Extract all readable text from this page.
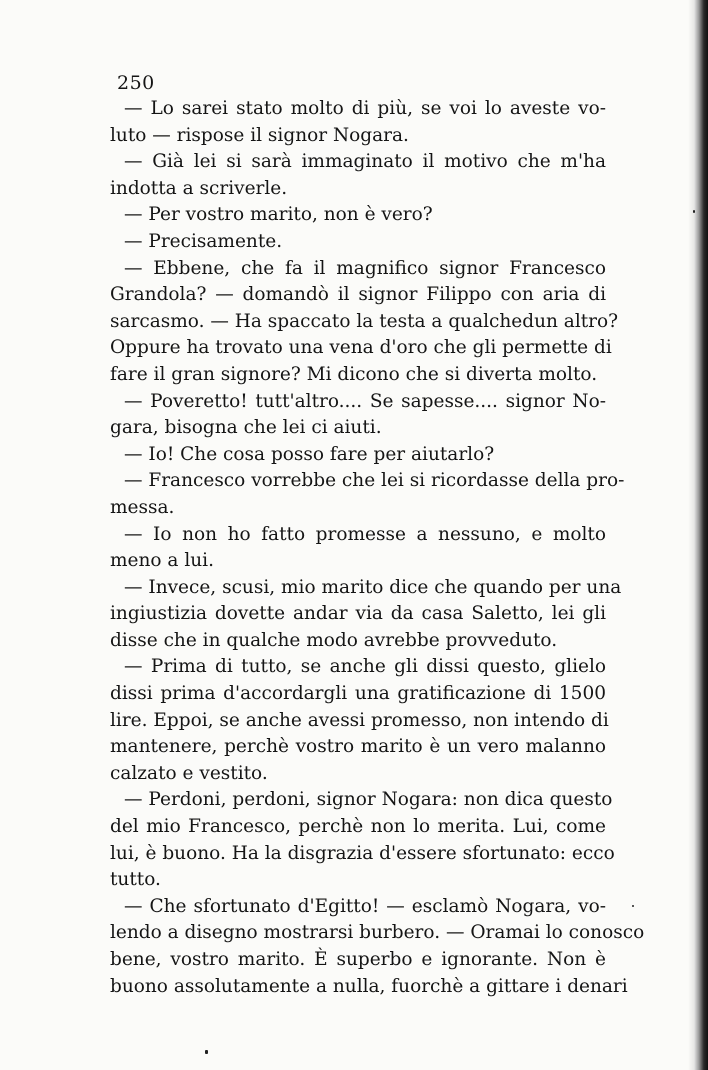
250
— Lo sarei stato molto di più, se voi lo aveste vo-
luto — rispose il signor Nogara.
— Già lei si sarà immaginato il motivo che m'ha
indotta a scriverle.
— Per vostro marito, non è vero?
— Precisamente.
— Ebbene, che fa il magnifico signor Francesco
Grandola? — domandò il signor Filippo con aria di
sarcasmo. — Ha spaccato la testa a qualchedun altro?
Oppure ha trovato una vena d'oro che gli permette di
fare il gran signore? Mi dicono che si diverta molto.
— Poveretto! tutt'altro.... Se sapesse.... signor No-
gara, bisogna che lei ci aiuti.
— Io! Che cosa posso fare per aiutarlo?
— Francesco vorrebbe che lei si ricordasse della pro-
messa.
— Io non ho fatto promesse a nessuno, e molto
meno a lui.
— Invece, scusi, mio marito dice che quando per una
ingiustizia dovette andar via da casa Saletto, lei gli
disse che in qualche modo avrebbe provveduto.
— Prima di tutto, se anche gli dissi questo, glielo
dissi prima d'accordargli una gratificazione di 1500
lire. Eppoi, se anche avessi promesso, non intendo di
mantenere, perchè vostro marito è un vero malanno
calzato e vestito.
— Perdoni, perdoni, signor Nogara: non dica questo
del mio Francesco, perchè non lo merita. Lui, come
lui, è buono. Ha la disgrazia d'essere sfortunato: ecco
tutto.
— Che sfortunato d'Egitto! — esclamò Nogara, vo-
lendo a disegno mostrarsi burbero. — Oramai lo conosco
bene, vostro marito. È superbo e ignorante. Non è
buono assolutamente a nulla, fuorchè a gittare i denari
